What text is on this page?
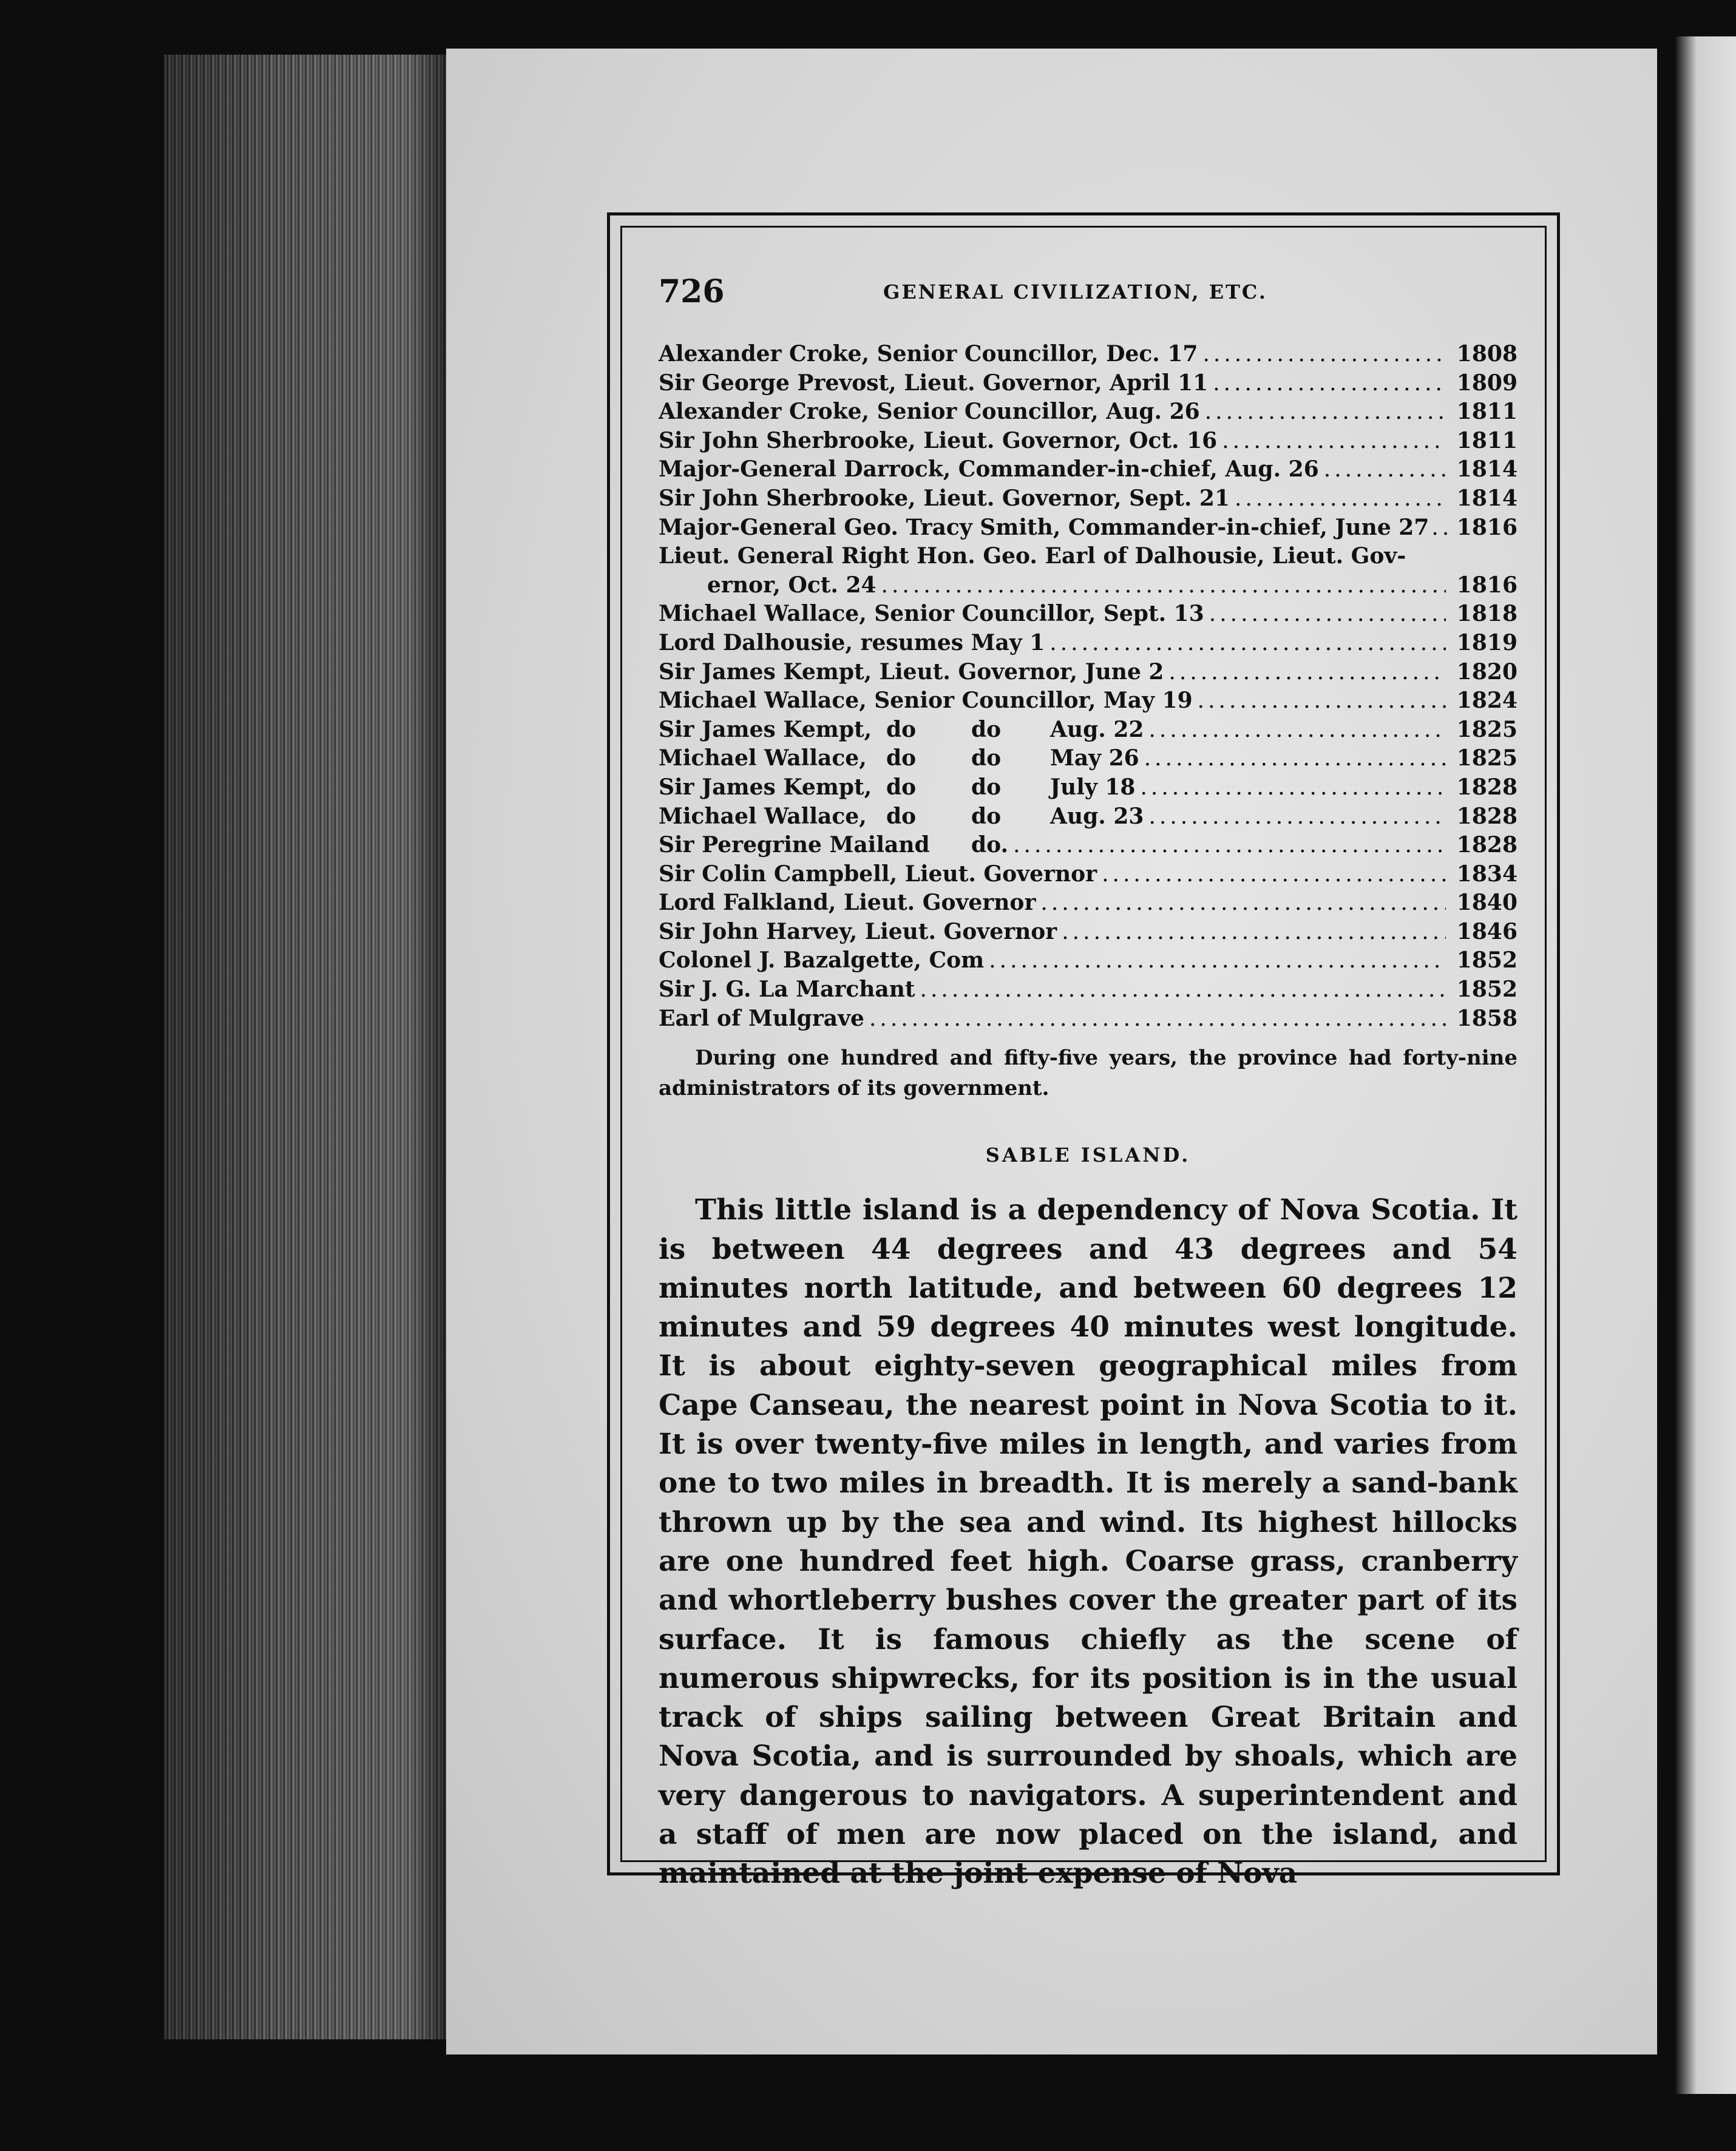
726	GENERAL CIVILIZATION, ETC.
Alexander Croke, Senior Councillor, Dec. 17 .....	1808
Sir George Prevost, Lieut. Governor, April 11 .....	1809
Alexander Croke, Senior Councillor, Aug. 26 .....	1811
Sir John Sherbrooke, Lieut. Governor, Oct. 16 .....	1811
Major-General Darrock, Commander-in-chief, Aug. 26 .....	1814
Sir John Sherbrooke, Lieut. Governor, Sept. 21 .....	1814
Major-General Geo. Tracy Smith, Commander-in-chief, June 27 ..... 1816
Lieut. General Right Hon. Geo. Earl of Dalhousie, Lieut. Gov-
ernor, Oct. 24 .....	1816
Michael Wallace, Senior Councillor, Sept. 13 .....	1818
Lord Dalhousie, resumes May 1 .....	1819
Sir James Kempt, Lieut. Governor, June 2 .....	1820
Michael Wallace, Senior Councillor, May 19 .....	1824
Sir James Kempt, do	do	Aug. 22 .....	1825
Michael Wallace, do	do	May 26 .....	1825
Sir James Kempt, do	do	July 18 .....	1828
Michael Wallace, do	do	Aug. 23 .....	1828
Sir Peregrine Mailand do. .....	1828
Sir Colin Campbell, Lieut. Governor .....	1834
Lord Falkland, Lieut. Governor .....	1840
Sir John Harvey, Lieut. Governor .....	1846
Colonel J. Bazalgette, Com .....	1852
Sir J. G. La Marchant .....	1852
Earl of Mulgrave .....	1858

During one hundred and fifty-five years, the province had forty-nine administrators of its government.

SABLE ISLAND.

This little island is a dependency of Nova Scotia. It is between 44 degrees and 43 degrees and 54 minutes north latitude, and between 60 degrees 12 minutes and 59 degrees 40 minutes west longitude. It is about eighty-seven geographical miles from Cape Canseau, the nearest point in Nova Scotia to it. It is over twenty-five miles in length, and varies from one to two miles in breadth. It is merely a sand-bank thrown up by the sea and wind. Its highest hillocks are one hundred feet high. Coarse grass, cranberry and whortleberry bushes cover the greater part of its surface. It is famous chiefly as the scene of numerous shipwrecks, for its position is in the usual track of ships sailing between Great Britain and Nova Scotia, and is surrounded by shoals, which are very dangerous to navigators. A superintendent and a staff of men are now placed on the island, and maintained at the joint expense of Nova
